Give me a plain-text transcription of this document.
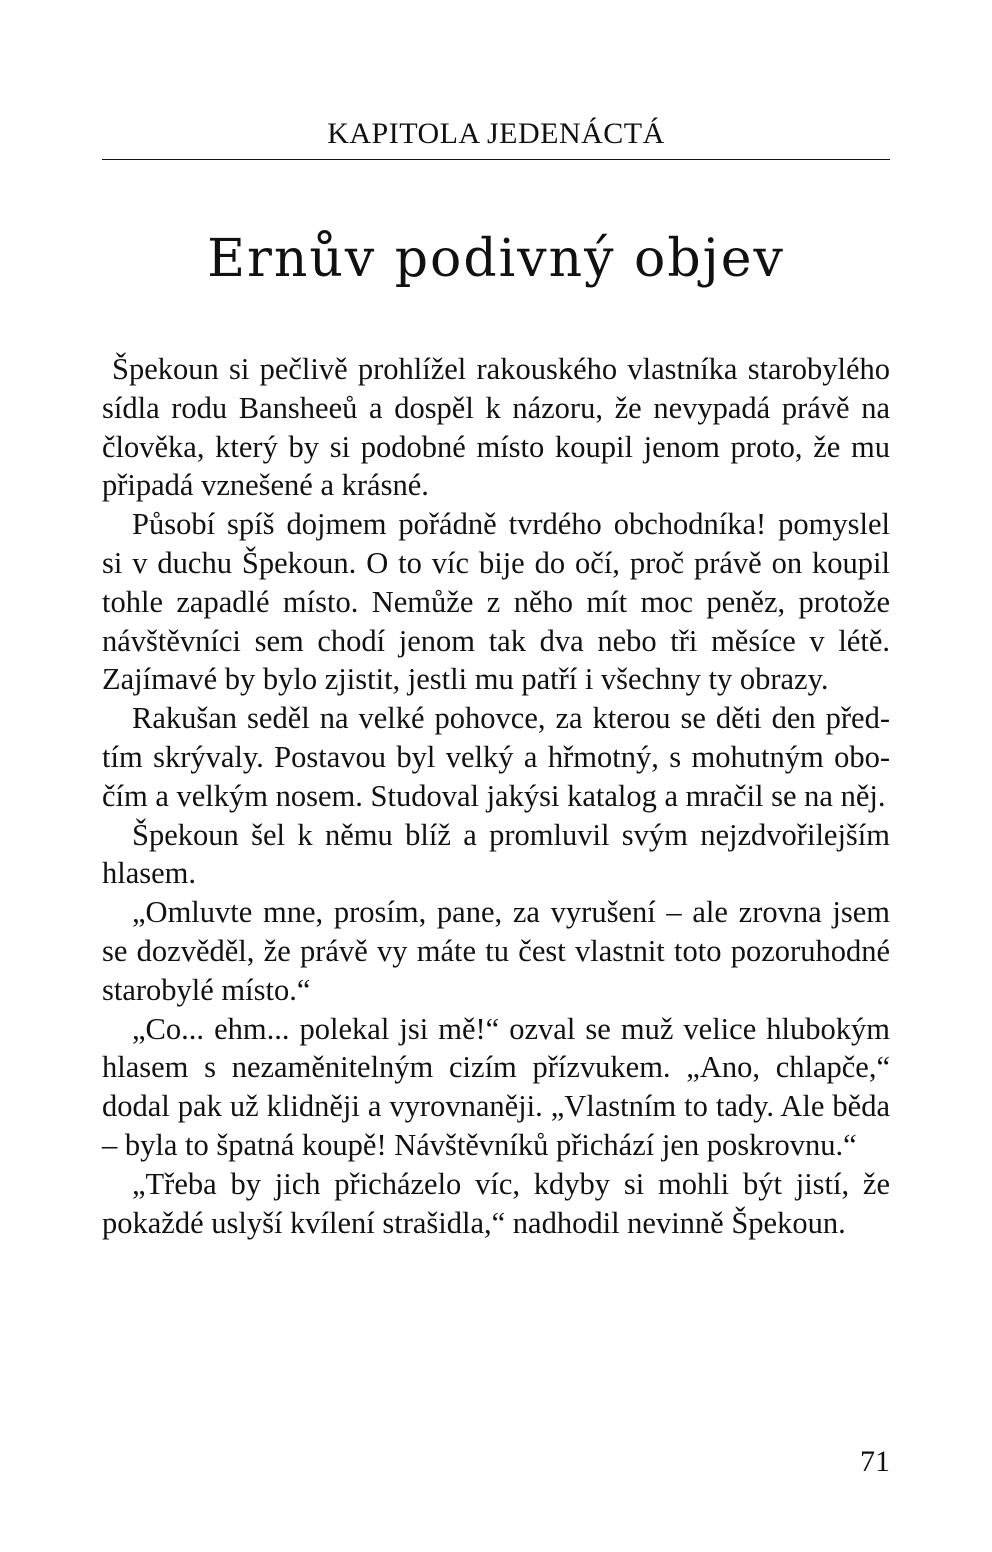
KAPITOLA JEDENÁCTÁ
Ernův podivný objev

Špekoun si pečlivě prohlížel rakouského vlastníka starobylého sídla rodu Bansheeů a dospěl k názoru, že nevypadá právě na člověka, který by si podobné místo koupil jenom proto, že mu připadá vznešené a krásné.

Působí spíš dojmem pořádně tvrdého obchodníka! pomyslel si v duchu Špekoun. O to víc bije do očí, proč právě on koupil tohle zapadlé místo. Nemůže z něho mít moc peněz, protože návštěvníci sem chodí jenom tak dva nebo tři měsíce v létě. Zajímavé by bylo zjistit, jestli mu patří i všechny ty obrazy.

Rakušan seděl na velké pohovce, za kterou se děti den předtím skrývaly. Postavou byl velký a hřmotný, s mohutným obočím a velkým nosem. Studoval jakýsi katalog a mračil se na něj.

Špekoun šel k němu blíž a promluvil svým nejzdvořilejším hlasem.

„Omluvte mne, prosím, pane, za vyrušení – ale zrovna jsem se dozvěděl, že právě vy máte tu čest vlastnit toto pozoruhodné starobylé místo.“

„Co... ehm... polekal jsi mě!“ ozval se muž velice hlubokým hlasem s nezaměnitelným cizím přízvukem. „Ano, chlapče,“ dodal pak už klidněji a vyrovnaněji. „Vlastním to tady. Ale běda – byla to špatná koupě! Návštěvníků přichází jen poskrovnu.“

„Třeba by jich přicházelo víc, kdyby si mohli být jistí, že pokaždé uslyší kvílení strašidla,“ nadhodil nevinně Špekoun.

71
